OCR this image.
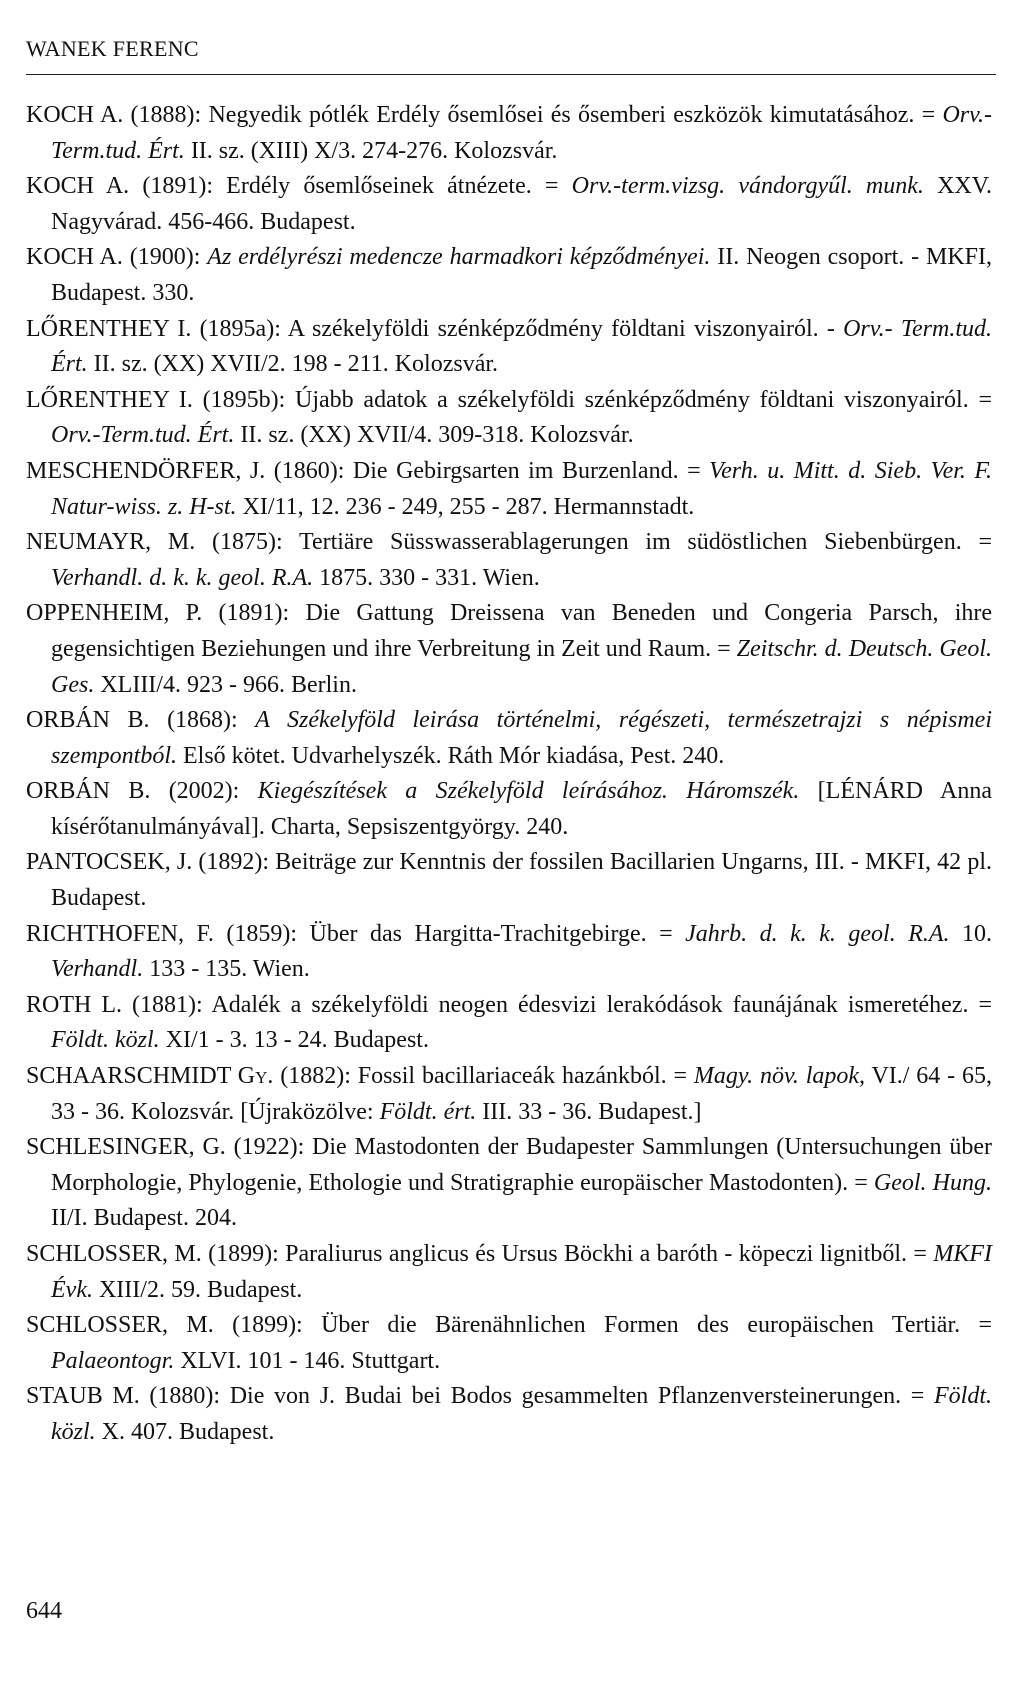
WANEK FERENC

KOCH A. (1888): Negyedik pótlék Erdély ősemlősei és ősemberi eszközök kimutatásához. = Orv.-Term.tud. Ért. II. sz. (XIII) X/3. 274-276. Kolozsvár.

KOCH A. (1891): Erdély ősemlőseinek átnézete. = Orv.-term.vizsg. vándorgyűl. munk. XXV. Nagyvárad. 456-466. Budapest.

KOCH A. (1900): Az erdélyrészi medencze harmadkori képződményei. II. Neogen csoport. - MKFI, Budapest. 330.

LŐRENTHEY I. (1895a): A székelyföldi szénképződmény földtani viszonyairól. - Orv.- Term.tud. Ért. II. sz. (XX) XVII/2. 198 - 211. Kolozsvár.

LŐRENTHEY I. (1895b): Újabb adatok a székelyföldi szénképződmény földtani viszonyairól. = Orv.-Term.tud. Ért. II. sz. (XX) XVII/4. 309-318. Kolozsvár.

MESCHENDÖRFER, J. (1860): Die Gebirgsarten im Burzenland. = Verh. u. Mitt. d. Sieb. Ver. F. Natur-wiss. z. H-st. XI/11, 12. 236 - 249, 255 - 287. Hermannstadt.

NEUMAYR, M. (1875): Tertiäre Süsswasserablagerungen im südöstlichen Siebenbürgen. = Verhandl. d. k. k. geol. R.A. 1875. 330 - 331. Wien.

OPPENHEIM, P. (1891): Die Gattung Dreissena van Beneden und Congeria Parsch, ihre gegensichtigen Beziehungen und ihre Verbreitung in Zeit und Raum. = Zeitschr. d. Deutsch. Geol. Ges. XLIII/4. 923 - 966. Berlin.

ORBÁN B. (1868): A Székelyföld leirása történelmi, régészeti, természetrajzi s népismei szempontból. Első kötet. Udvarhelyszék. Ráth Mór kiadása, Pest. 240.

ORBÁN B. (2002): Kiegészítések a Székelyföld leírásához. Háromszék. [LÉNÁRD Anna kísérőtanulmányával]. Charta, Sepsiszentgyörgy. 240.

PANTOCSEK, J. (1892): Beiträge zur Kenntnis der fossilen Bacillarien Ungarns, III. - MKFI, 42 pl. Budapest.

RICHTHOFEN, F. (1859): Über das Hargitta-Trachitgebirge. = Jahrb. d. k. k. geol. R.A. 10. Verhandl. 133 - 135. Wien.

ROTH L. (1881): Adalék a székelyföldi neogen édesvizi lerakódások faunájának ismeretéhez. = Földt. közl. XI/1 - 3. 13 - 24. Budapest.

SCHAARSCHMIDT Gy. (1882): Fossil bacillariaceák hazánkból. = Magy. növ. lapok, VI./ 64 - 65, 33 - 36. Kolozsvár. [Újraközölve: Földt. ért. III. 33 - 36. Budapest.]

SCHLESINGER, G. (1922): Die Mastodonten der Budapester Sammlungen (Untersuchungen über Morphologie, Phylogenie, Ethologie und Stratigraphie europäischer Mastodonten). = Geol. Hung. II/I. Budapest. 204.

SCHLOSSER, M. (1899): Paraliurus anglicus és Ursus Böckhi a baróth - köpeczi lignitből. = MKFI Évk. XIII/2. 59. Budapest.

SCHLOSSER, M. (1899): Über die Bärenähnlichen Formen des europäischen Tertiär. = Palaeontogr. XLVI. 101 - 146. Stuttgart.

STAUB M. (1880): Die von J. Budai bei Bodos gesammelten Pflanzenversteinerungen. = Földt. közl. X. 407. Budapest.

644
